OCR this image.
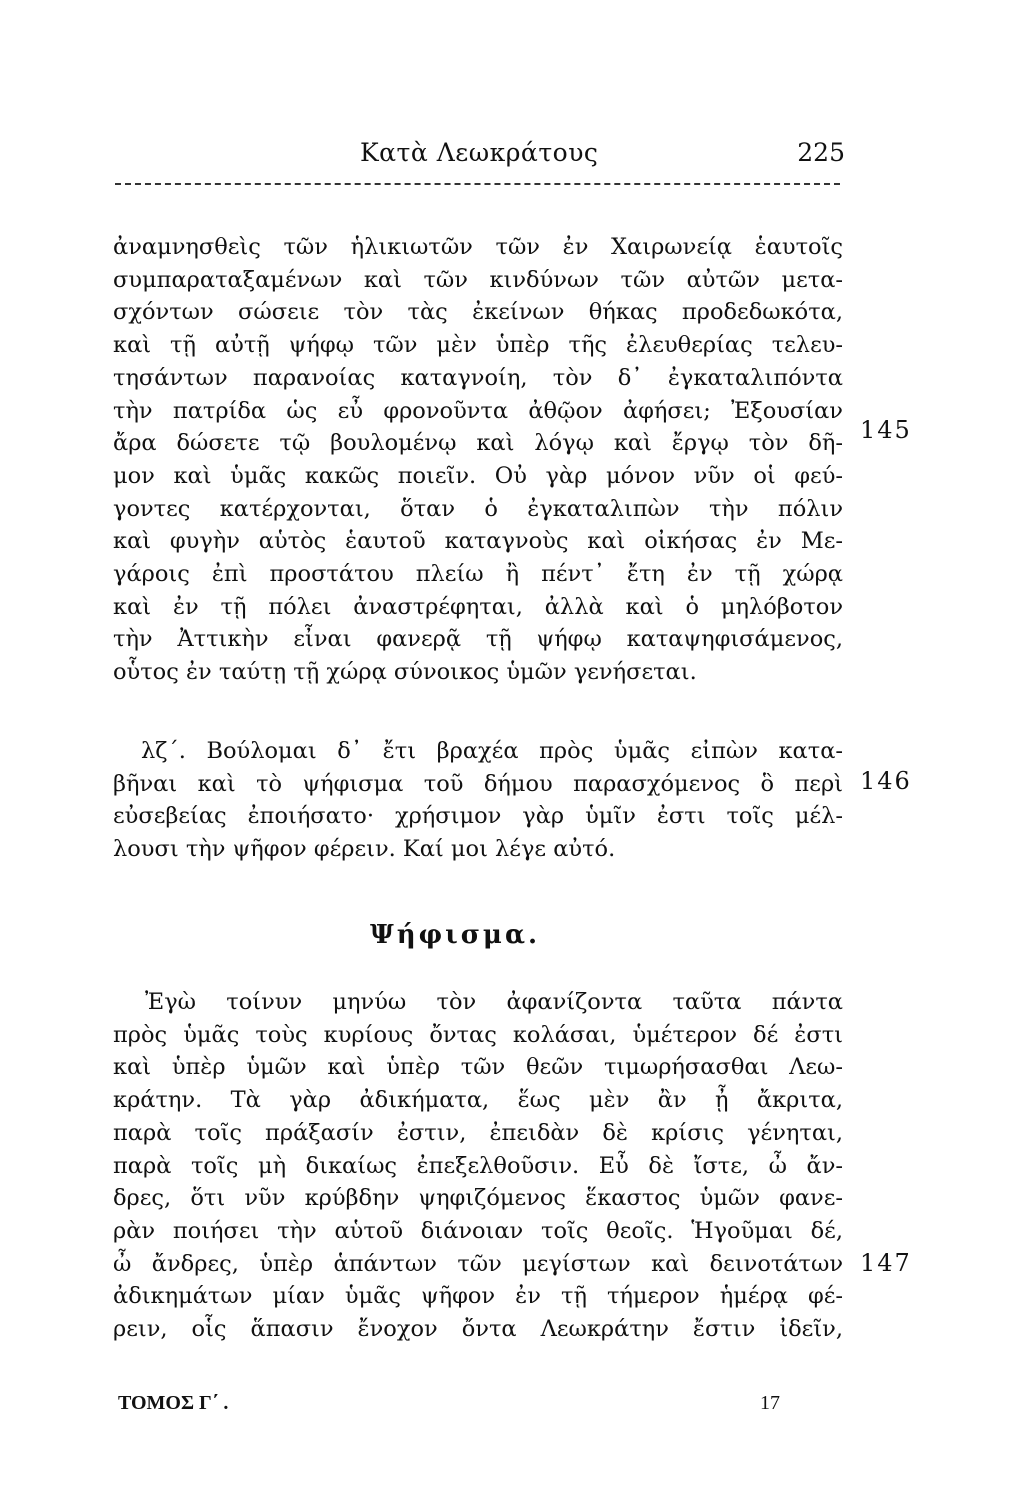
Κατὰ Λεωκράτους	225
ἀναμνησθεὶς τῶν ἡλικιωτῶν τῶν ἐν Χαιρωνείᾳ ἑαυτοῖς
συμπαραταξαμένων καὶ τῶν κινδύνων τῶν αὐτῶν μετα-
σχόντων σώσειε τὸν τὰς ἐκείνων θήκας προδεδωκότα,
καὶ τῇ αὐτῇ ψήφῳ τῶν μὲν ὑπὲρ τῆς ἐλευθερίας τελευ-
τησάντων παρανοίας καταγνοίη, τὸν δ᾽ ἐγκαταλιπόντα
τὴν πατρίδα ὡς εὖ φρονοῦντα ἀθῷον ἀφήσει; Ἐξουσίαν
ἄρα δώσετε τῷ βουλομένῳ καὶ λόγῳ καὶ ἔργῳ τὸν δῆ-
μον καὶ ὑμᾶς κακῶς ποιεῖν. Οὐ γὰρ μόνον νῦν οἱ φεύ-
γοντες κατέρχονται, ὅταν ὁ ἐγκαταλιπὼν τὴν πόλιν
καὶ φυγὴν αὑτὸς ἑαυτοῦ καταγνοὺς καὶ οἰκήσας ἐν Με-
γάροις ἐπὶ προστάτου πλείω ἢ πέντ᾽ ἔτη ἐν τῇ χώρᾳ
καὶ ἐν τῇ πόλει ἀναστρέφηται, ἀλλὰ καὶ ὁ μηλόβοτον
τὴν Ἀττικὴν εἶναι φανερᾷ τῇ ψήφῳ καταψηφισάμενος,
οὗτος ἐν ταύτῃ τῇ χώρᾳ σύνοικος ὑμῶν γενήσεται.
λζ΄. Βούλομαι δ᾽ ἔτι βραχέα πρὸς ὑμᾶς εἰπὼν κατα-
βῆναι καὶ τὸ ψήφισμα τοῦ δήμου παρασχόμενος ὃ περὶ
εὐσεβείας ἐποιήσατο· χρήσιμον γὰρ ὑμῖν ἐστι τοῖς μέλ-
λουσι τὴν ψῆφον φέρειν. Καί μοι λέγε αὐτό.
Ψήφισμα.
Ἐγὼ τοίνυν μηνύω τὸν ἀφανίζοντα ταῦτα πάντα
πρὸς ὑμᾶς τοὺς κυρίους ὄντας κολάσαι, ὑμέτερον δέ ἐστι
καὶ ὑπὲρ ὑμῶν καὶ ὑπὲρ τῶν θεῶν τιμωρήσασθαι Λεω-
κράτην. Τὰ γὰρ ἀδικήματα, ἕως μὲν ἂν ᾖ ἄκριτα,
παρὰ τοῖς πράξασίν ἐστιν, ἐπειδὰν δὲ κρίσις γένηται,
παρὰ τοῖς μὴ δικαίως ἐπεξελθοῦσιν. Εὖ δὲ ἴστε, ὦ ἄν-
δρες, ὅτι νῦν κρύβδην ψηφιζόμενος ἕκαστος ὑμῶν φανε-
ρὰν ποιήσει τὴν αὑτοῦ διάνοιαν τοῖς θεοῖς. Ἡγοῦμαι δέ,
ὦ ἄνδρες, ὑπὲρ ἁπάντων τῶν μεγίστων καὶ δεινοτάτων
ἀδικημάτων μίαν ὑμᾶς ψῆφον ἐν τῇ τήμερον ἡμέρᾳ φέ-
ρειν, οἷς ἅπασιν ἔνοχον ὄντα Λεωκράτην ἔστιν ἰδεῖν,
145
146
147
ΤΟΜΟΣ Γ΄ .	17
